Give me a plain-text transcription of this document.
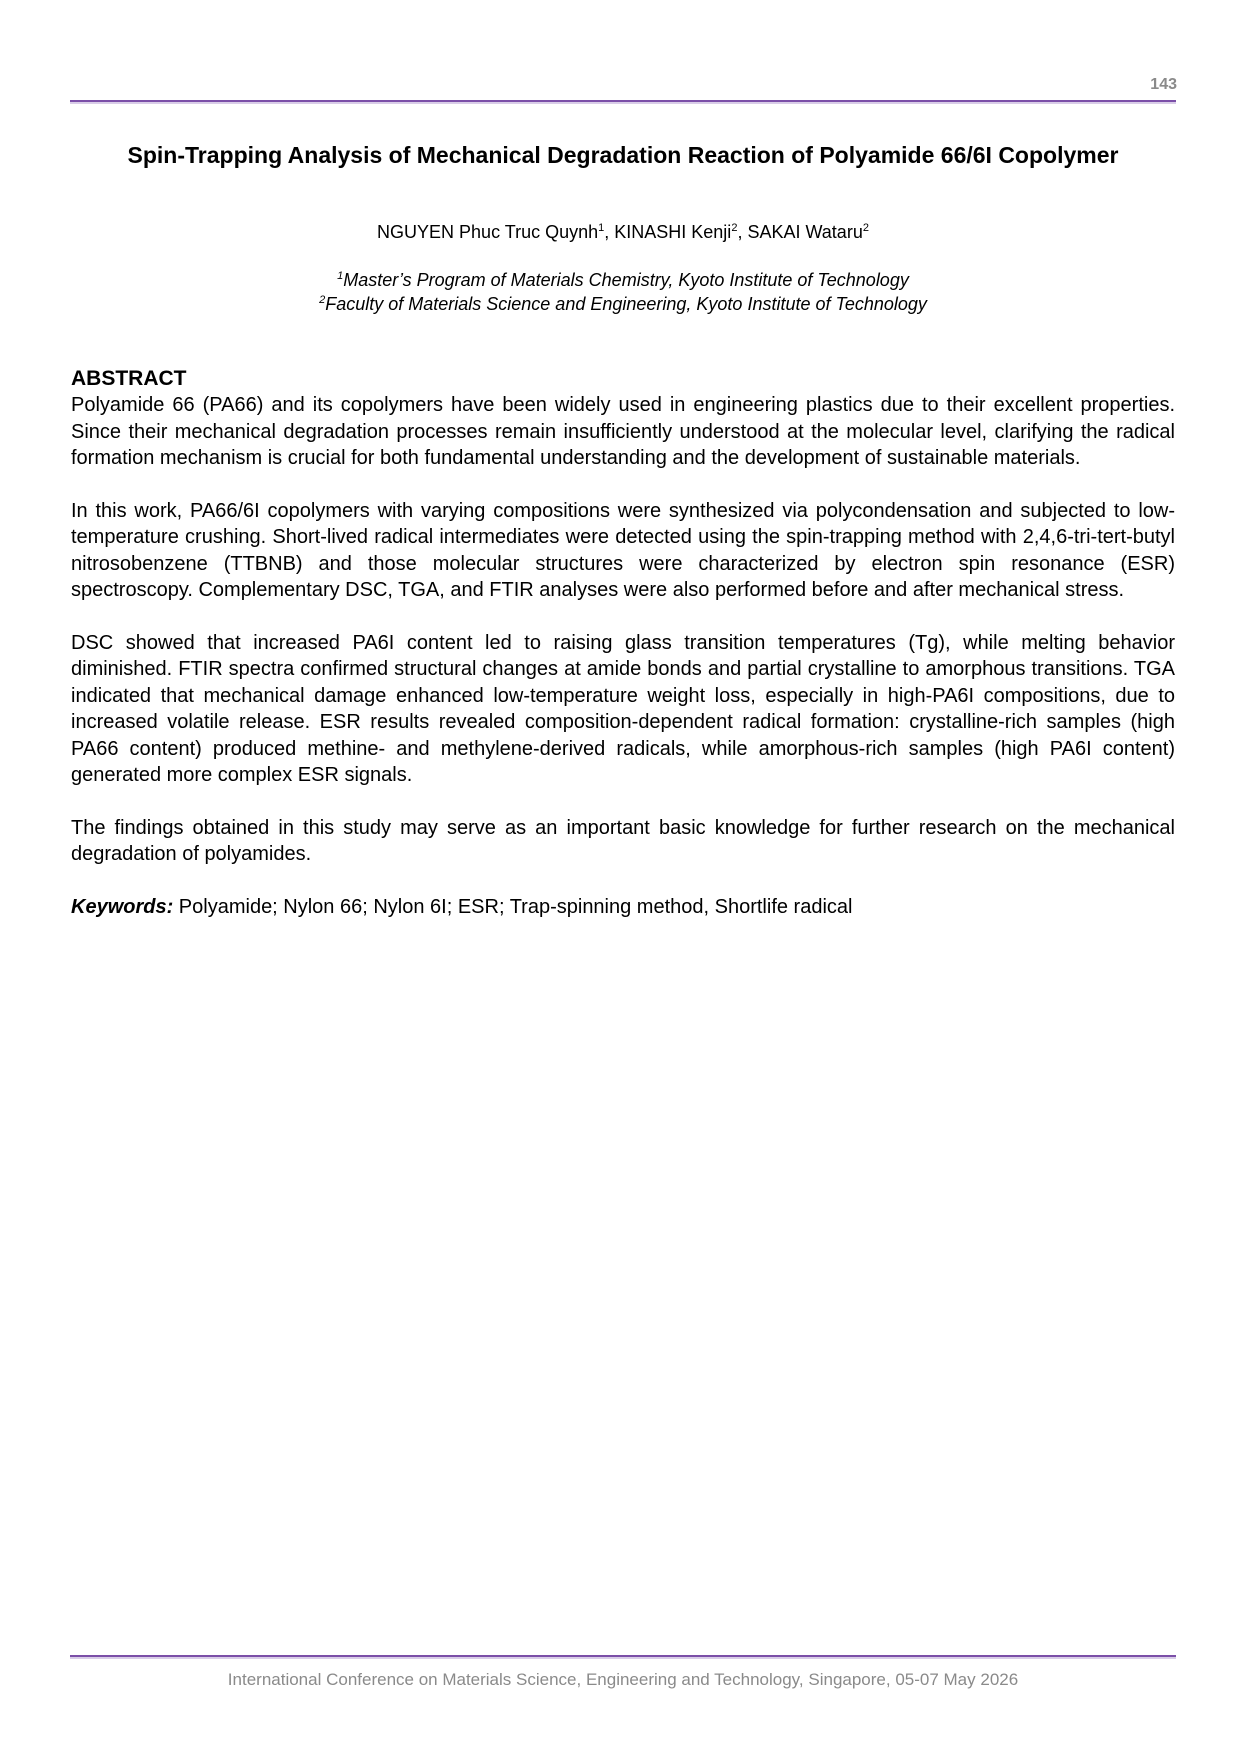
143
Spin-Trapping Analysis of Mechanical Degradation Reaction of Polyamide 66/6I Copolymer
NGUYEN Phuc Truc Quynh$^1$, KINASHI Kenji$^2$, SAKAI Wataru$^2$
$^1$Master’s Program of Materials Chemistry, Kyoto Institute of Technology
$^2$Faculty of Materials Science and Engineering, Kyoto Institute of Technology
ABSTRACT

Polyamide 66 (PA66) and its copolymers have been widely used in engineering plastics due to their excellent properties. Since their mechanical degradation processes remain insufficiently understood at the molecular level, clarifying the radical formation mechanism is crucial for both fundamental understanding and the development of sustainable materials.

In this work, PA66/6I copolymers with varying compositions were synthesized via polycondensation and subjected to low-temperature crushing. Short-lived radical intermediates were detected using the spin-trapping method with 2,4,6-tri-tert-butyl nitrosobenzene (TTBNB) and those molecular structures were characterized by electron spin resonance (ESR) spectroscopy. Complementary DSC, TGA, and FTIR analyses were also performed before and after mechanical stress.

DSC showed that increased PA6I content led to raising glass transition temperatures (Tg), while melting behavior diminished. FTIR spectra confirmed structural changes at amide bonds and partial crystalline to amorphous transitions. TGA indicated that mechanical damage enhanced low-temperature weight loss, especially in high-PA6I compositions, due to increased volatile release. ESR results revealed composition-dependent radical formation: crystalline-rich samples (high PA66 content) produced methine- and methylene-derived radicals, while amorphous-rich samples (high PA6I content) generated more complex ESR signals.

The findings obtained in this study may serve as an important basic knowledge for further research on the mechanical degradation of polyamides.

Keywords: Polyamide; Nylon 66; Nylon 6I; ESR; Trap-spinning method, Shortlife radical

International Conference on Materials Science, Engineering and Technology, Singapore, 05-07 May 2026
